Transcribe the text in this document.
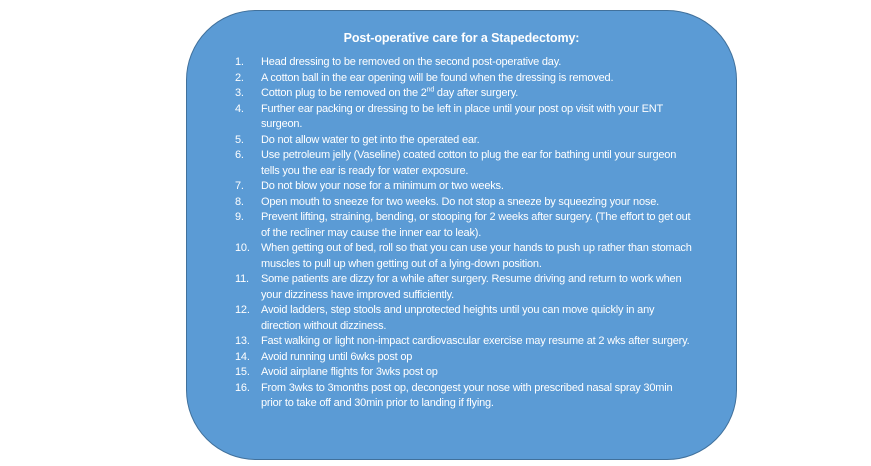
Post-operative care for a Stapedectomy:
1.	Head dressing to be removed on the second post-operative day.
2.	A cotton ball in the ear opening will be found when the dressing is removed.
3.	Cotton plug to be removed on the 2nd day after surgery.
4.	Further ear packing or dressing to be left in place until your post op visit with your ENT surgeon.
5.	Do not allow water to get into the operated ear.
6.	Use petroleum jelly (Vaseline) coated cotton to plug the ear for bathing until your surgeon tells you the ear is ready for water exposure.
7.	Do not blow your nose for a minimum or two weeks.
8.	Open mouth to sneeze for two weeks. Do not stop a sneeze by squeezing your nose.
9.	Prevent lifting, straining, bending, or stooping for 2 weeks after surgery. (The effort to get out of the recliner may cause the inner ear to leak).
10.	When getting out of bed, roll so that you can use your hands to push up rather than stomach muscles to pull up when getting out of a lying-down position.
11.	Some patients are dizzy for a while after surgery. Resume driving and return to work when your dizziness have improved sufficiently.
12.	Avoid ladders, step stools and unprotected heights until you can move quickly in any direction without dizziness.
13.	Fast walking or light non-impact cardiovascular exercise may resume at 2 wks after surgery.
14.	Avoid running until 6wks post op
15.	Avoid airplane flights for 3wks post op
16.	From 3wks to 3months post op, decongest your nose with prescribed nasal spray 30min prior to take off and 30min prior to landing if flying.
